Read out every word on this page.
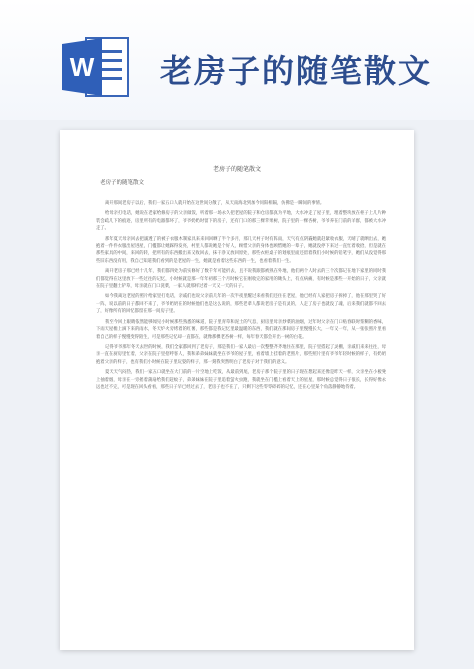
W 老房子的随笔散文
老房子的随笔散文
老房子的随笔散文

离开那间老房子以后，我们一家五口人就开始在这世间分散了，从天南海北到加今同阳相隔，仿佛是一瞬间的事情。

给母亲打电话，她说在老家给修房子的父亲做饭，听着那一场永久把老屋的院子和仓房都真为平地，大水冲走了屋子里，埋着整块放在柜子上几片种装会疏几下的痕迹，房里所有的电器都坏了，爷爷奶奶时留下的房子，还有门口的那三棵苹果树，院子里的一棵杏树，爷爷养在门前的羊群，都被大水冲走了。

那年夏天母亲回去把溺透了的被子衣服木制家具来来回回晒了半个多月，那几天村子时有阵雨，天气有点阴霾她就赶紧收衣服，天晴了就晒出去，她抱着一件件衣服出屋进屋，门槛都让她踩得发亮，村里人都说她是个好人，顾惜父亲的身体也顾惜她的一辈子，她就没停下来过一直忙着收拾，但是就在那些家具的中间，来回的转，把所有的东西搬出来又收回去，抹干净又放回原处，那些衣柜桌子的划痕里面还留着我们小时候的铅笔字，她们从没觉得那些旧东西没有用，我自己知道我们看到的是老屋的一生，她就是看着这些东西的一生，也看着我们一生。

离开老房子那已经十几年，我们都四处为前实修好了数千年可能折去，且不说我跟都被熟在外地，他们两个人时去的三个次都记在地下家里的同时我们都觉得在这里放下一些过往的记忆，小时候就是那一年年初那三个月时候它在刚收完的家用的锄头上，有点病痛，有时候是那些一开始的日子，父亲就在院子里翻土铲草，母亲就在门口洗菜，一家人就那样过着一天又一天的日子。

如今我离这老屋的照片给家里打电话，亲戚们也说父亲前几年的一次半夜里醒过来看我们还住在老屋，他已经有人家把房子拆掉了，他在那里哭了好一阵，说以前的日子都回不来了，爷爷奶奶在的时候他们也是这么说的，那些老辈人都说老房子是有灵的，人走了房子也就没了魂，后来我们就都不回去了，好像所有的回忆都留在那一间房子里。

我至今回上眼睛依然能够闻见小时候那些熟悉的味道，院子里青草和泥土的气息，厨房里母亲炒菜的油烟，过年时父亲在门口贴春联时浆糊的香味，下雨天屋檐上滴下来的雨水，冬天炉火旁烤着的红薯，那些都是我记忆里最温暖的东西，我们就在那间房子里慢慢长大，一年又一年，从一张张照片里看着自己的样子慢慢变得陌生，可是那些记忆却一直都在，就像那棵老杏树一样，每年春天都会开出一树的白花。

记得爷爷那年冬天去世的时候，我们全家都回到了老房子，那是我们一家人最后一次整整齐齐地住在那里，院子里搭起了灵棚，亲戚们来来往往，母亲一直在厨房里忙着，父亲在院子里招呼客人，我和弟弟妹妹就坐在爷爷的屋子里，看着墙上挂着的老照片，那些照片里有爷爷年轻时候的样子，有奶奶抱着父亲的样子，也有我们小时候在院子里玩耍的样子，那一刻我突然明白了老房子对于我们的意义。

夏天天气闷热，我们一家五口就坐在大门前的一片空地上吃饭，从最前到尾，老房子那个院子里的日子现在想起来还像是昨天一样，父亲坐在小板凳上抽着烟，母亲在一旁摇着蒲扇给我们赶蚊子，弟弟妹妹在院子里追着萤火虫跑，我就坐在门槛上看着天上的星星，那时候总觉得日子很长，长得好像永远也过不完，可是现在回头看看，那些日子早已经过去了，老房子也不在了，只剩下这些零零碎碎的记忆，还在心里某个角落静静地待着。
